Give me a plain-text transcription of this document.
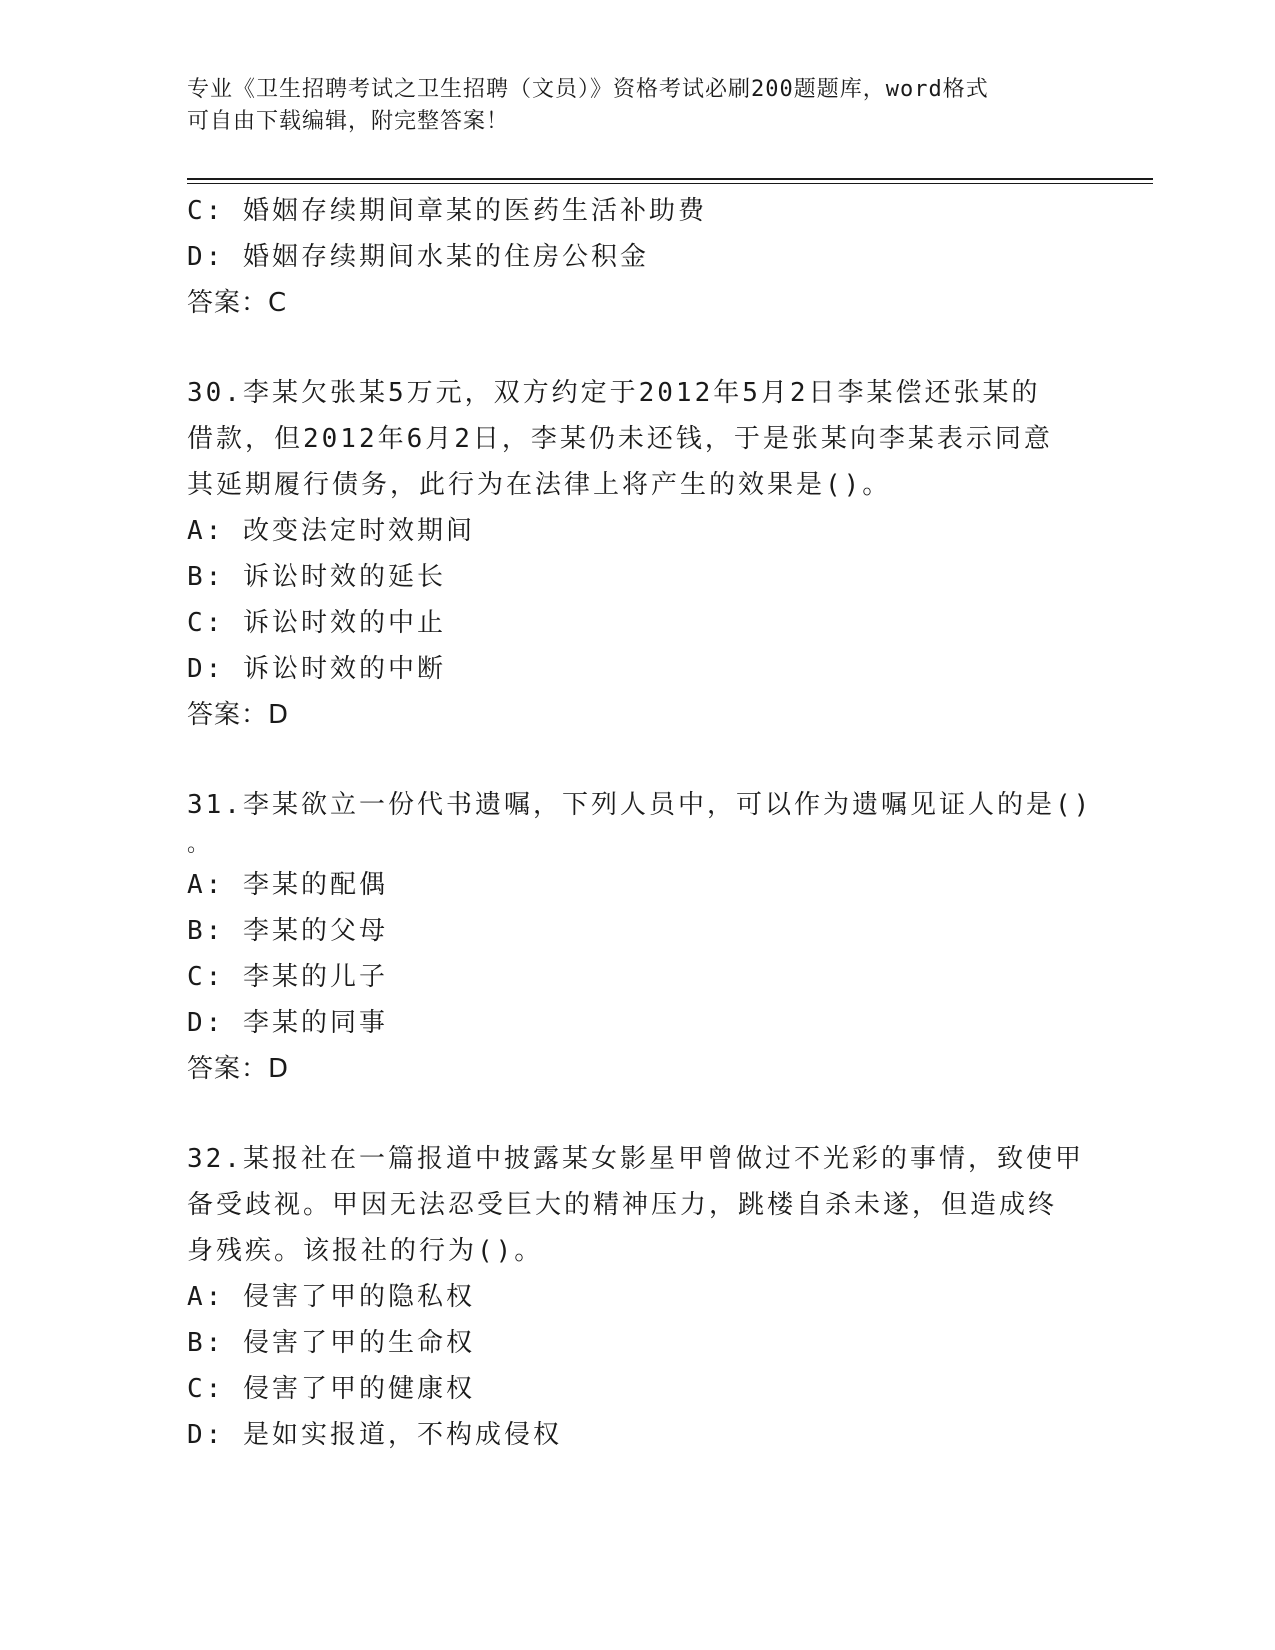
专业《卫生招聘考试之卫生招聘（文员）》资格考试必刷200题题库，word格式
可自由下载编辑，附完整答案！
C: 婚姻存续期间章某的医药生活补助费
D: 婚姻存续期间水某的住房公积金
答案：C
30.李某欠张某5万元，双方约定于2012年5月2日李某偿还张某的
借款，但2012年6月2日，李某仍未还钱，于是张某向李某表示同意
其延期履行债务，此行为在法律上将产生的效果是()。
A: 改变法定时效期间
B: 诉讼时效的延长
C: 诉讼时效的中止
D: 诉讼时效的中断
答案：D
31.李某欲立一份代书遗嘱，下列人员中，可以作为遗嘱见证人的是()
。
A: 李某的配偶
B: 李某的父母
C: 李某的儿子
D: 李某的同事
答案：D
32.某报社在一篇报道中披露某女影星甲曾做过不光彩的事情，致使甲
备受歧视。甲因无法忍受巨大的精神压力，跳楼自杀未遂，但造成终
身残疾。该报社的行为()。
A: 侵害了甲的隐私权
B: 侵害了甲的生命权
C: 侵害了甲的健康权
D: 是如实报道，不构成侵权
